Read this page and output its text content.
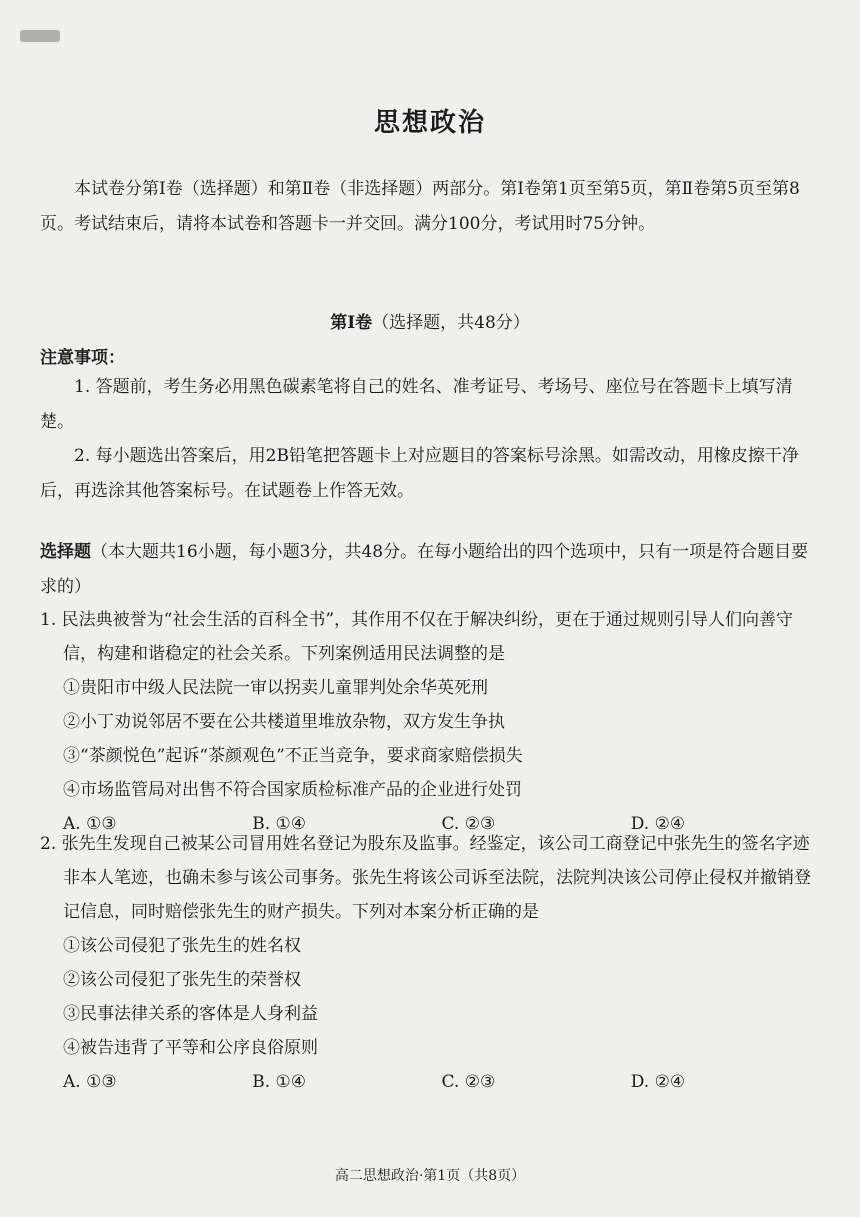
思想政治
本试卷分第Ⅰ卷（选择题）和第Ⅱ卷（非选择题）两部分。第Ⅰ卷第1页至第5页，第Ⅱ卷第5页至第8页。考试结束后，请将本试卷和答题卡一并交回。满分100分，考试用时75分钟。
第Ⅰ卷（选择题，共48分）
注意事项：
1. 答题前，考生务必用黑色碳素笔将自己的姓名、准考证号、考场号、座位号在答题卡上填写清楚。
2. 每小题选出答案后，用2B铅笔把答题卡上对应题目的答案标号涂黑。如需改动，用橡皮擦干净后，再选涂其他答案标号。在试题卷上作答无效。
选择题（本大题共16小题，每小题3分，共48分。在每小题给出的四个选项中，只有一项是符合题目要求的）
1. 民法典被誉为“社会生活的百科全书”，其作用不仅在于解决纠纷，更在于通过规则引导人们向善守信，构建和谐稳定的社会关系。下列案例适用民法调整的是
①贵阳市中级人民法院一审以拐卖儿童罪判处余华英死刑
②小丁劝说邻居不要在公共楼道里堆放杂物，双方发生争执
③“茶颜悦色”起诉“茶颜观色”不正当竞争，要求商家赔偿损失
④市场监管局对出售不符合国家质检标准产品的企业进行处罚
A. ①③	B. ①④	C. ②③	D. ②④
2. 张先生发现自己被某公司冒用姓名登记为股东及监事。经鉴定，该公司工商登记中张先生的签名字迹非本人笔迹，也确未参与该公司事务。张先生将该公司诉至法院，法院判决该公司停止侵权并撤销登记信息，同时赔偿张先生的财产损失。下列对本案分析正确的是
①该公司侵犯了张先生的姓名权
②该公司侵犯了张先生的荣誉权
③民事法律关系的客体是人身利益
④被告违背了平等和公序良俗原则
A. ①③	B. ①④	C. ②③	D. ②④
高二思想政治·第1页（共8页）
